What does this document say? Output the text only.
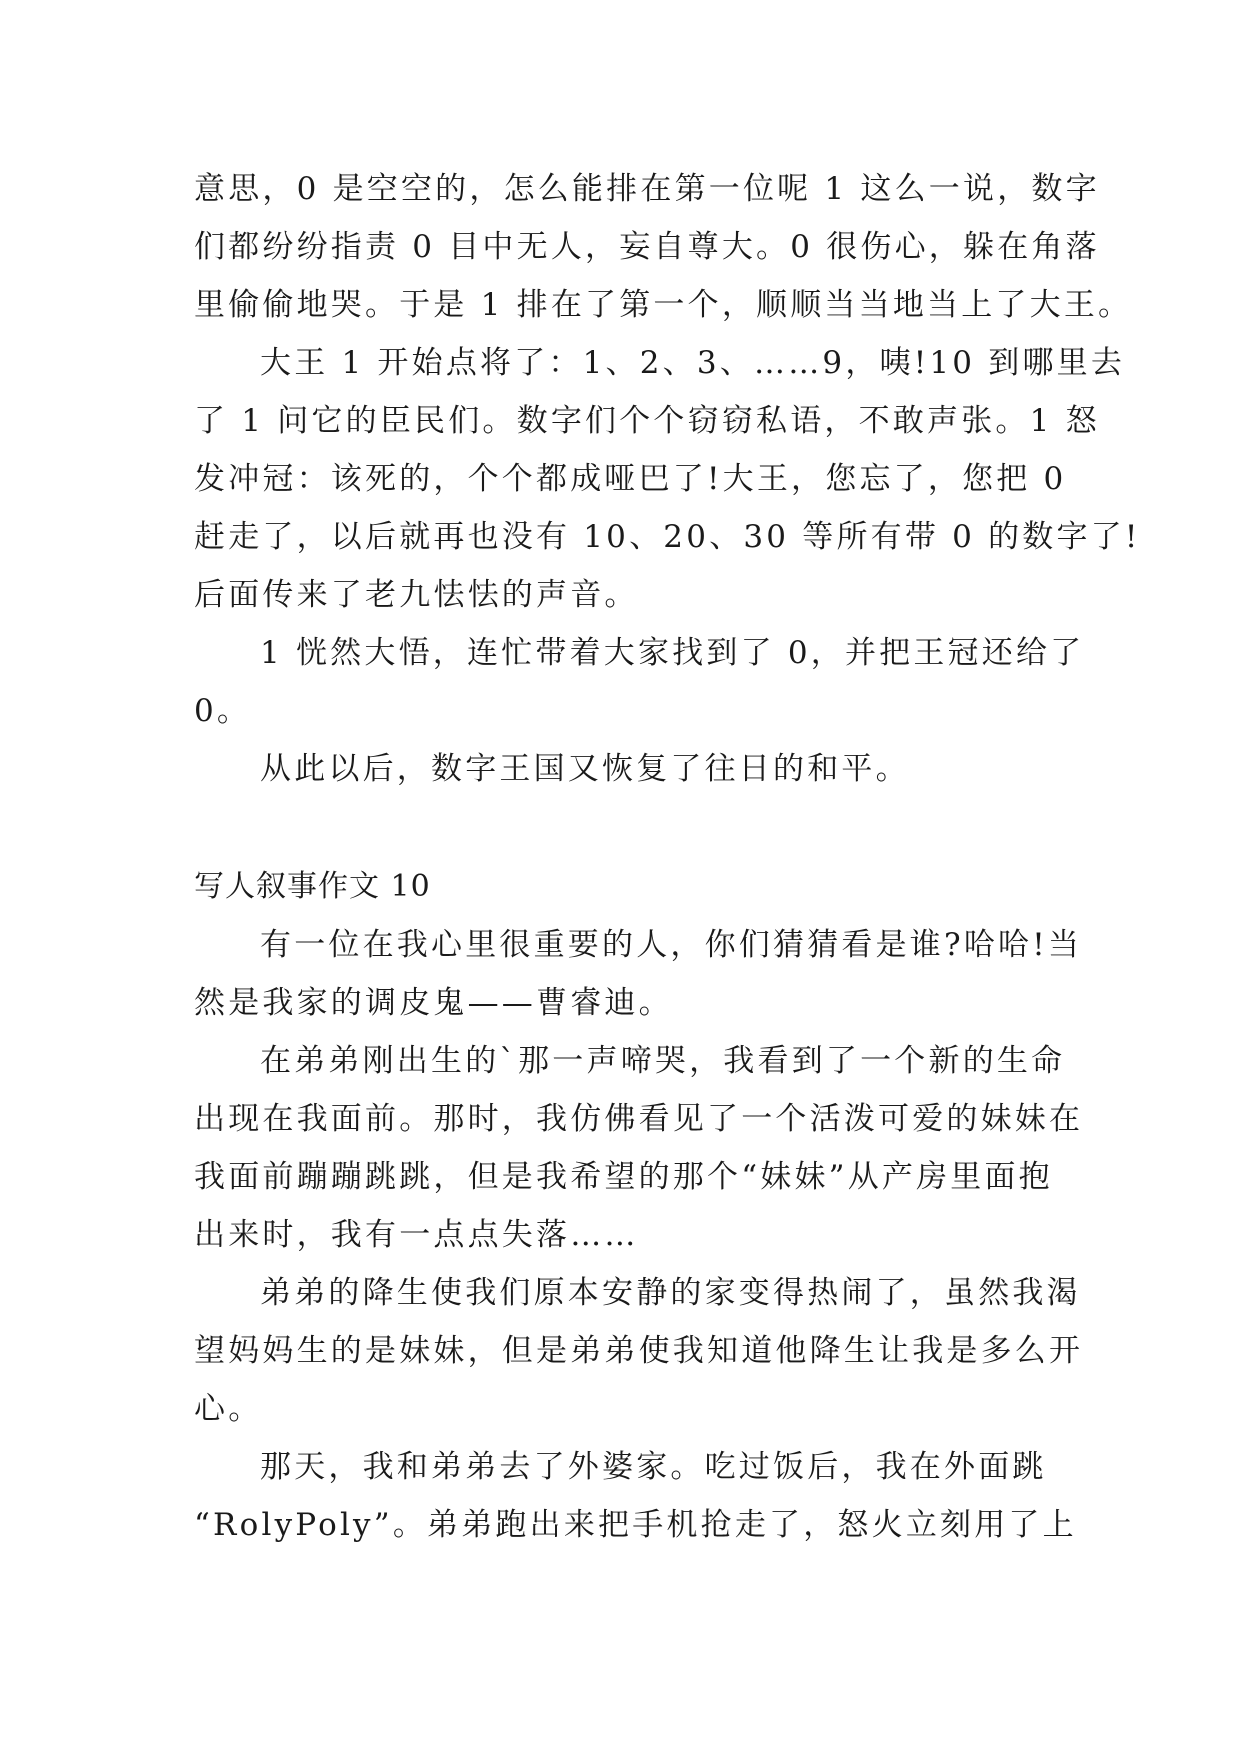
意思，0 是空空的，怎么能排在第一位呢 1 这么一说，数字

们都纷纷指责 0 目中无人，妄自尊大。0 很伤心，躲在角落

里偷偷地哭。于是 1 排在了第一个，顺顺当当地当上了大王。

大王 1 开始点将了：1、2、3、……9，咦!10 到哪里去

了 1 问它的臣民们。数字们个个窃窃私语，不敢声张。1 怒

发冲冠：该死的，个个都成哑巴了!大王，您忘了，您把 0

赶走了，以后就再也没有 10、20、30 等所有带 0 的数字了!

后面传来了老九怯怯的声音。

1 恍然大悟，连忙带着大家找到了 0，并把王冠还给了

0。

从此以后，数字王国又恢复了往日的和平。

写人叙事作文 10

有一位在我心里很重要的人，你们猜猜看是谁?哈哈!当

然是我家的调皮鬼——曹睿迪。

在弟弟刚出生的`那一声啼哭，我看到了一个新的生命

出现在我面前。那时，我仿佛看见了一个活泼可爱的妹妹在

我面前蹦蹦跳跳，但是我希望的那个“妹妹”从产房里面抱

出来时，我有一点点失落……

弟弟的降生使我们原本安静的家变得热闹了，虽然我渴

望妈妈生的是妹妹，但是弟弟使我知道他降生让我是多么开

心。

那天，我和弟弟去了外婆家。吃过饭后，我在外面跳

“RolyPoly”。弟弟跑出来把手机抢走了，怒火立刻用了上
